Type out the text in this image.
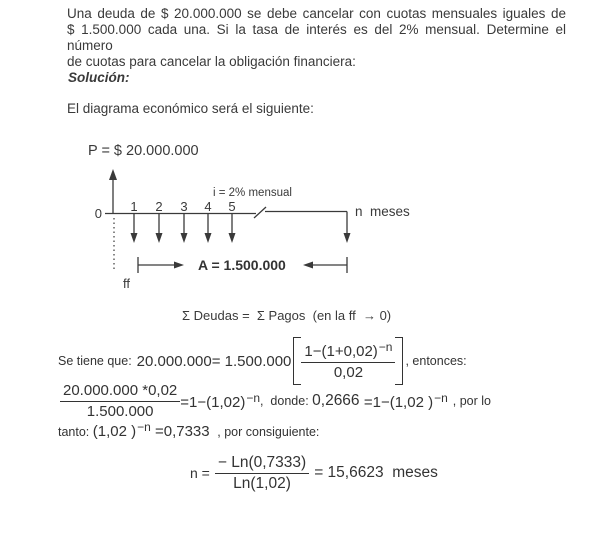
Una deuda de $ 20.000.000 se debe cancelar con cuotas mensuales iguales de
$ 1.500.000 cada una. Si la tasa de interés es del 2% mensual. Determine el número
de cuotas para cancelar la obligación financiera:
Solución:
El diagrama económico será el siguiente:
P = $ 20.000.000
0 1 2 3 4 5
i = 2% mensual
n  meses
A = 1.500.000
ff
Σ Deudas =  Σ Pagos  (en la ff  → 0)
Se tiene que: $20.000.000= 1.500.000 \frac{1-(1+0,02)^{-n}}{0,02}$ , entonces:
$\frac{20.000.000 *0,02}{1.500.000} =1-(1,02)^{-n}$ ,  donde: 0,2666 =1−(1,02 )$^{-n}$ , por lo
tanto: (1,02 )$^{-n}$ =0,7333 , por consiguiente:
$n = \frac{- Ln(0,7333)}{Ln(1,02)} = 15,6623$  meses
